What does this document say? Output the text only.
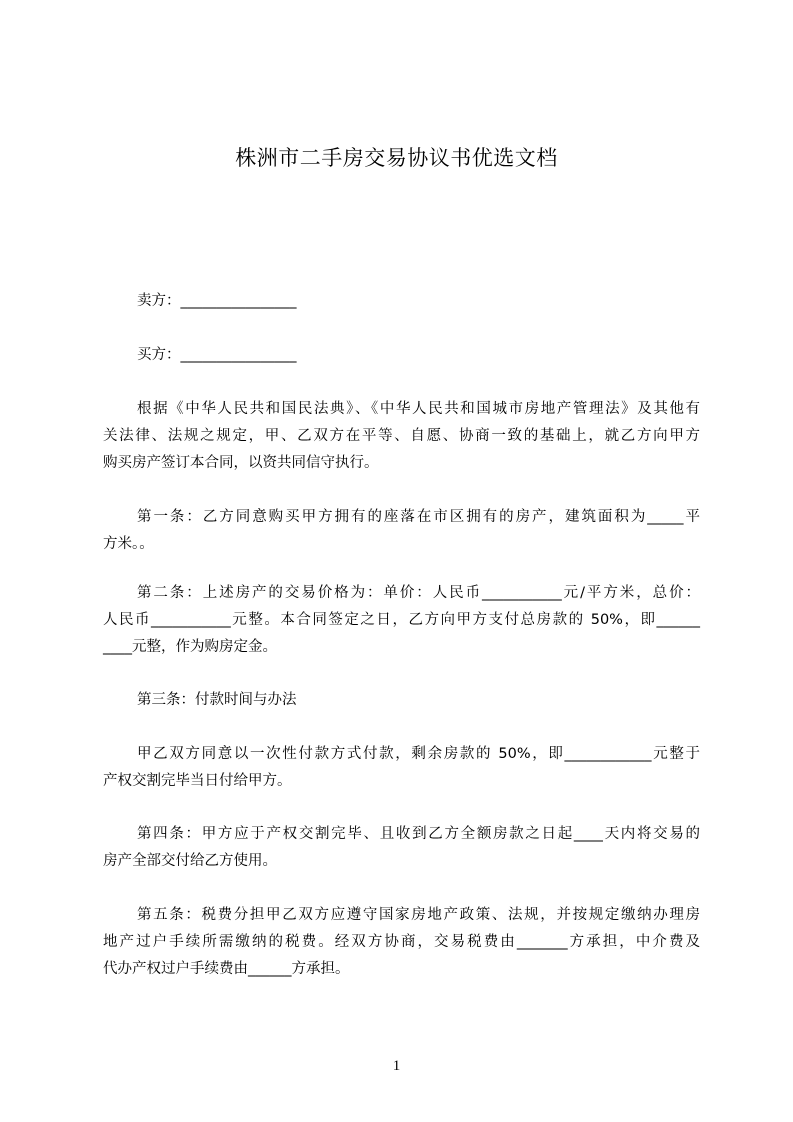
株洲市二手房交易协议书优选文档
卖方：________________
买方：________________
根据《中华人民共和国民法典》、《中华人民共和国城市房地产管理法》及其他有
关法律、法规之规定，甲、乙双方在平等、自愿、协商一致的基础上，就乙方向甲方
购买房产签订本合同，以资共同信守执行。
第一条：乙方同意购买甲方拥有的座落在市区拥有的房产，建筑面积为_____平
方米。。
第二条：上述房产的交易价格为：单价：人民币___________元/平方米，总价：
人民币___________元整。本合同签定之日，乙方向甲方支付总房款的 50%，即______
____元整，作为购房定金。
第三条：付款时间与办法
甲乙双方同意以一次性付款方式付款，剩余房款的 50%，即____________元整于
产权交割完毕当日付给甲方。
第四条：甲方应于产权交割完毕、且收到乙方全额房款之日起____天内将交易的
房产全部交付给乙方使用。
第五条：税费分担甲乙双方应遵守国家房地产政策、法规，并按规定缴纳办理房
地产过户手续所需缴纳的税费。经双方协商，交易税费由_______方承担，中介费及
代办产权过户手续费由______方承担。
1
